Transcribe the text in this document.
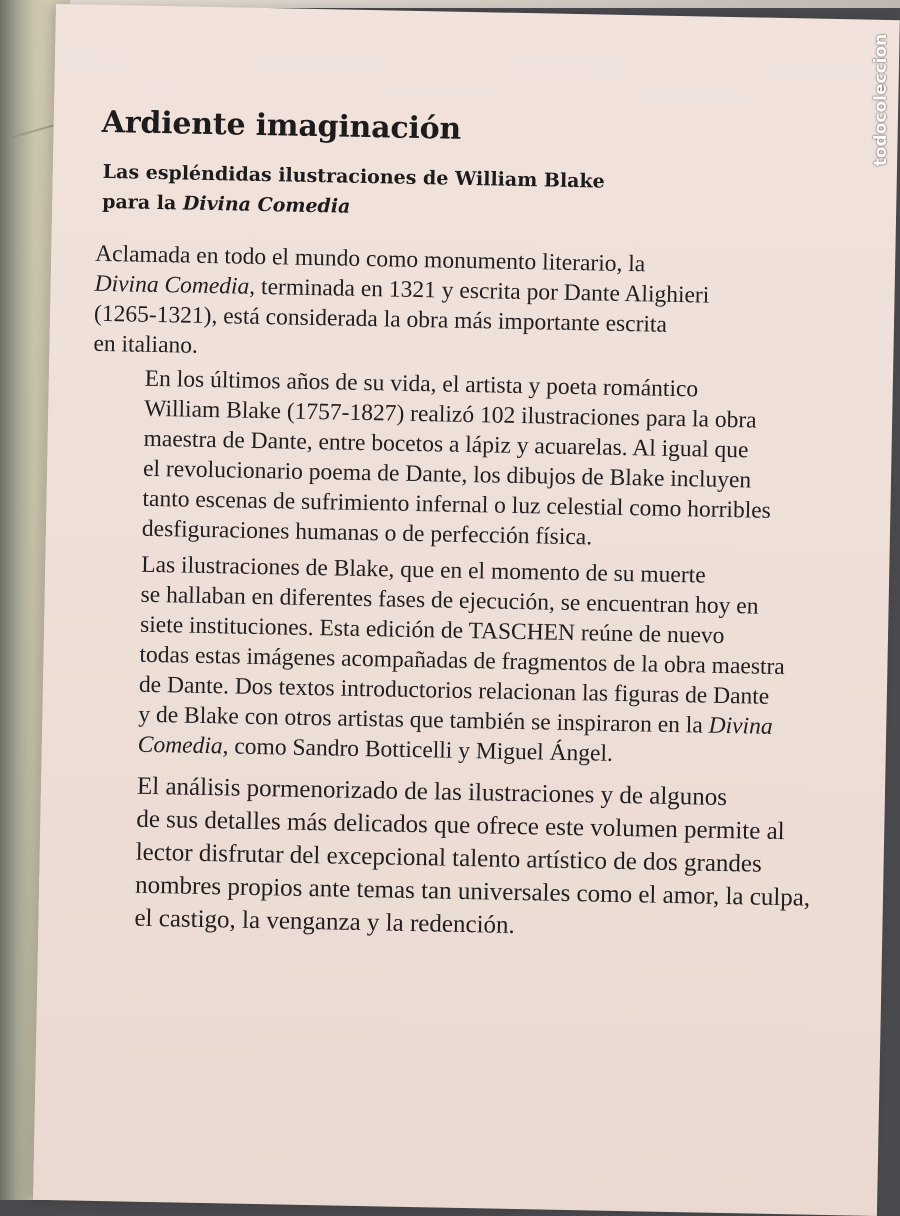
Ardiente imaginación
Las espléndidas ilustraciones de William Blake
para la Divina Comedia

Aclamada en todo el mundo como monumento literario, la
Divina Comedia, terminada en 1321 y escrita por Dante Alighieri
(1265-1321), está considerada la obra más importante escrita
en italiano.

En los últimos años de su vida, el artista y poeta romántico
William Blake (1757-1827) realizó 102 ilustraciones para la obra
maestra de Dante, entre bocetos a lápiz y acuarelas. Al igual que
el revolucionario poema de Dante, los dibujos de Blake incluyen
tanto escenas de sufrimiento infernal o luz celestial como horribles
desfiguraciones humanas o de perfección física.

Las ilustraciones de Blake, que en el momento de su muerte
se hallaban en diferentes fases de ejecución, se encuentran hoy en
siete instituciones. Esta edición de TASCHEN reúne de nuevo
todas estas imágenes acompañadas de fragmentos de la obra maestra
de Dante. Dos textos introductorios relacionan las figuras de Dante
y de Blake con otros artistas que también se inspiraron en la Divina
Comedia, como Sandro Botticelli y Miguel Ángel.

El análisis pormenorizado de las ilustraciones y de algunos
de sus detalles más delicados que ofrece este volumen permite al
lector disfrutar del excepcional talento artístico de dos grandes
nombres propios ante temas tan universales como el amor, la culpa,
el castigo, la venganza y la redención.

todocoleccion
